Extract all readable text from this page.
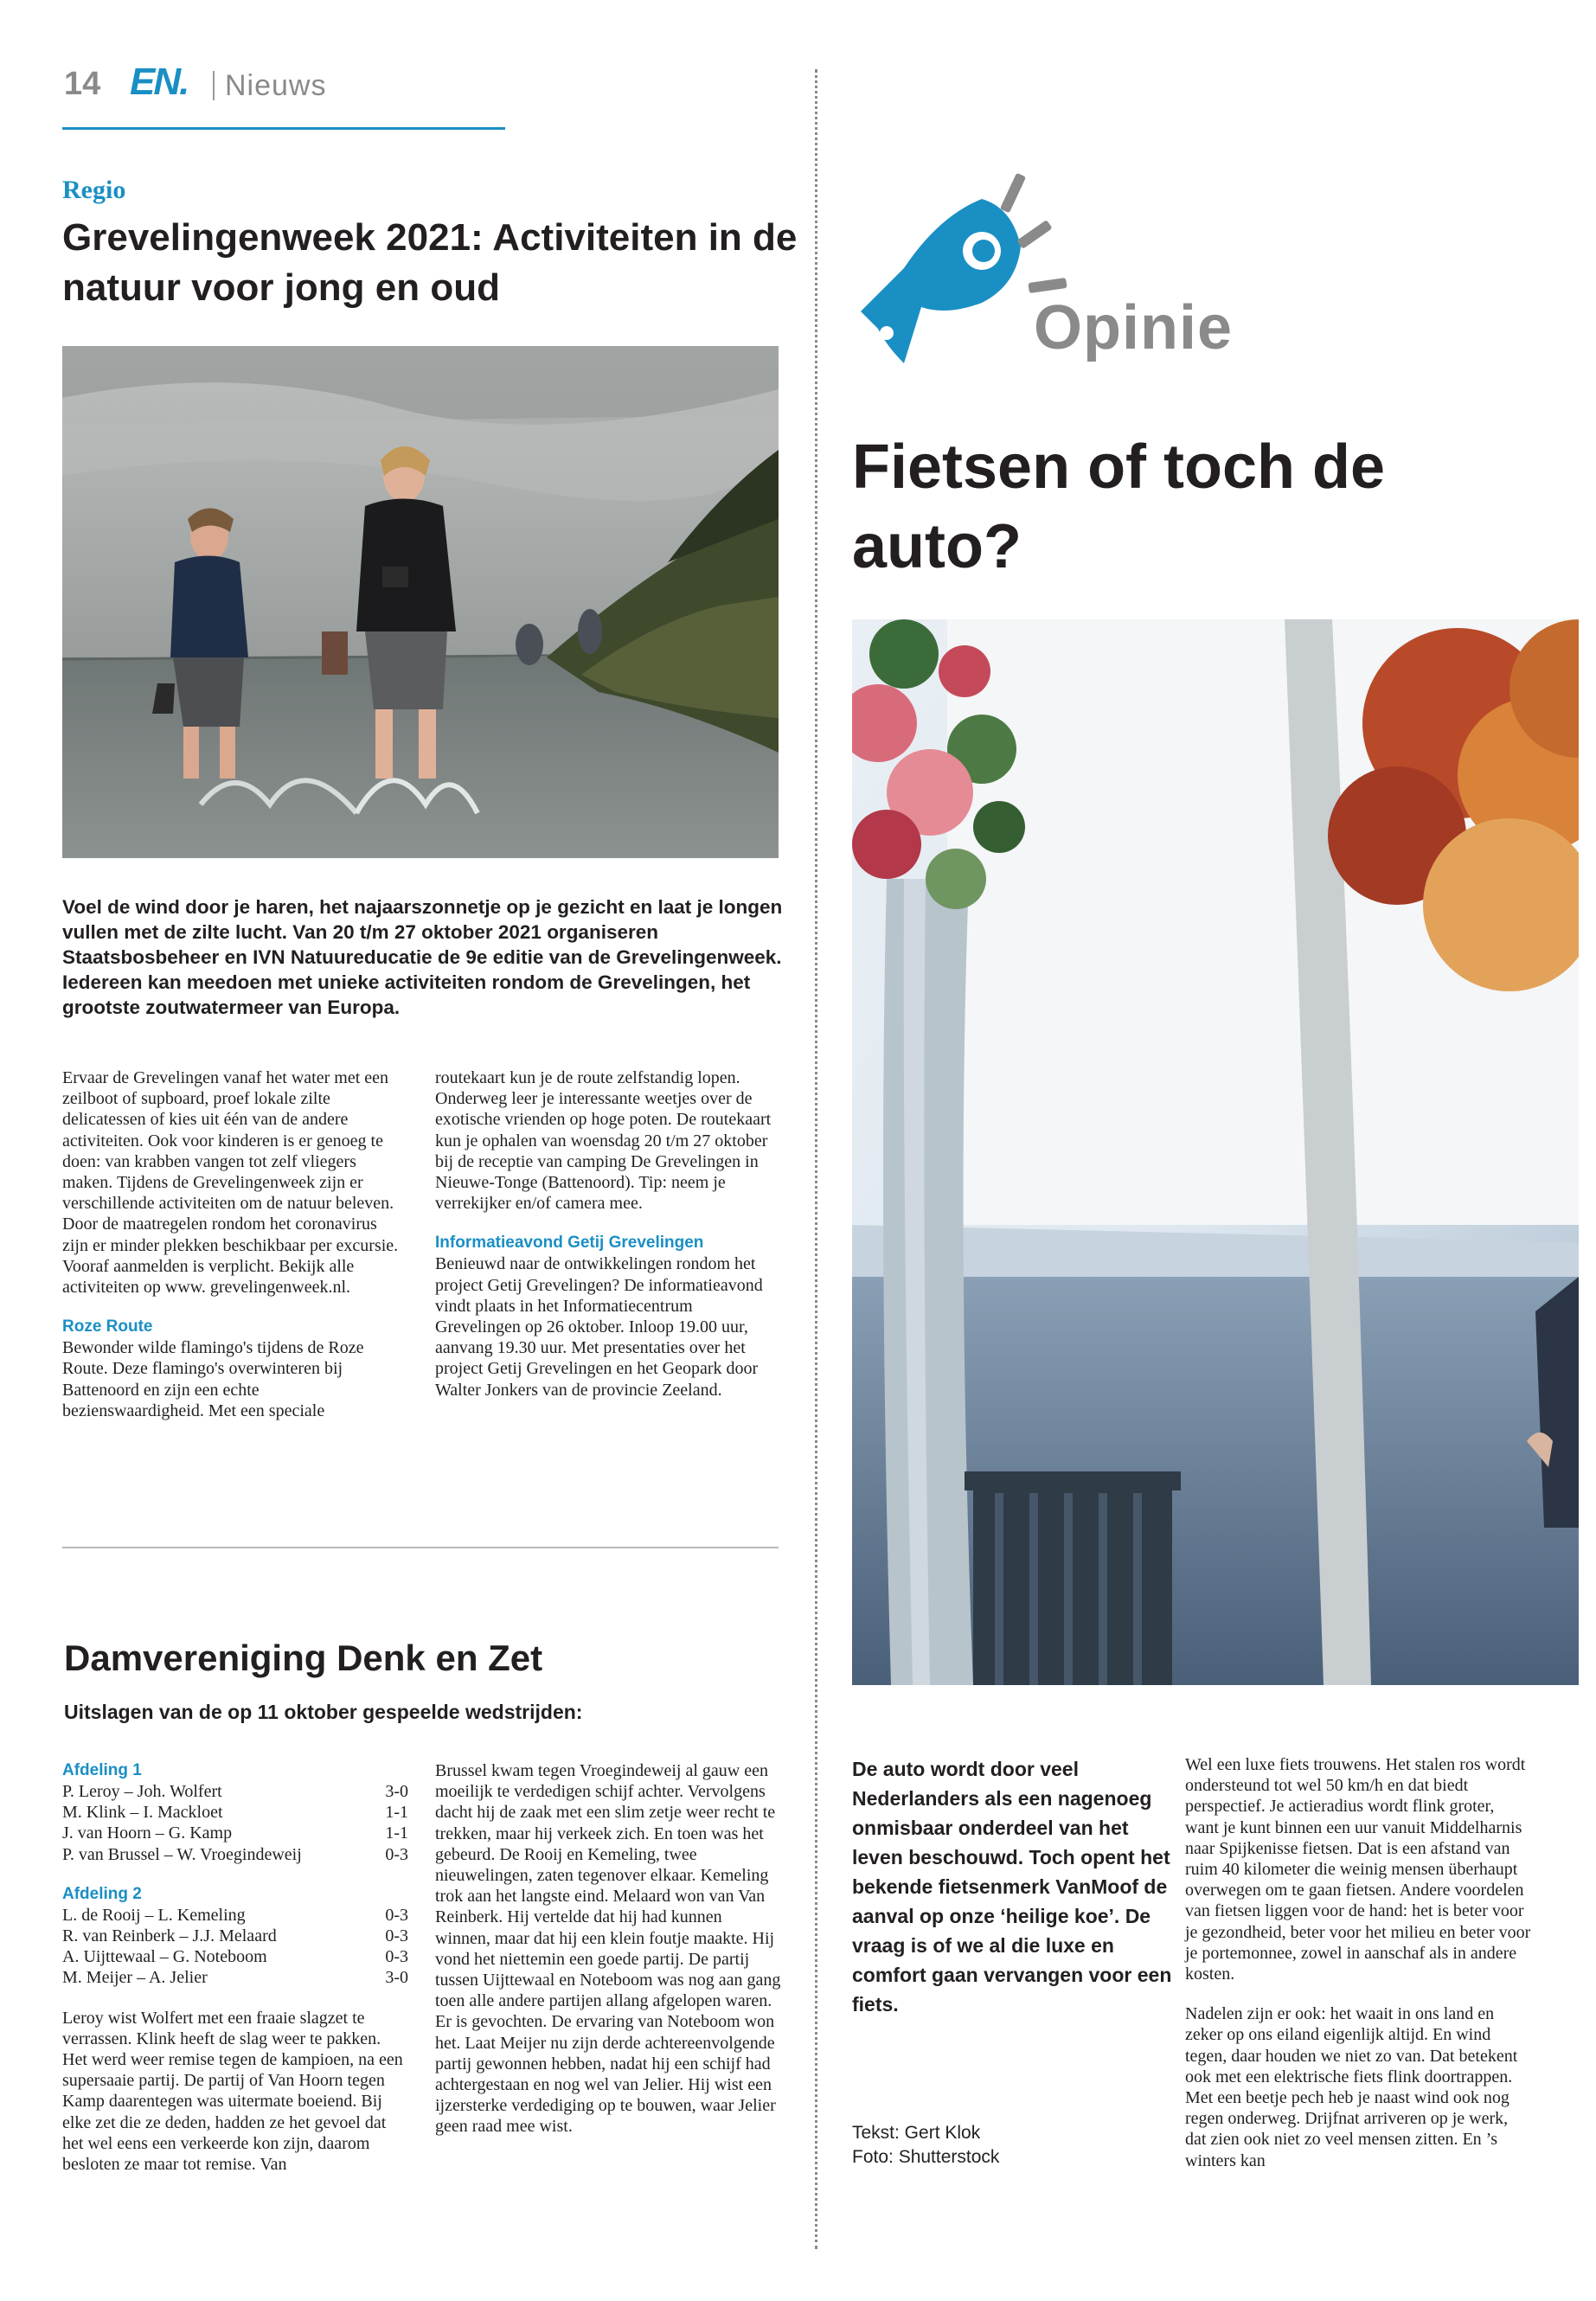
14 EN. Nieuws
Regio
Grevelingenweek 2021: Activiteiten in de natuur voor jong en oud

Voel de wind door je haren, het najaarszonnetje op je gezicht en laat je longen vullen met de zilte lucht. Van 20 t/m 27 oktober 2021 organiseren Staatsbosbeheer en IVN Natuureducatie de 9e editie van de Grevelingenweek. Iedereen kan meedoen met unieke activiteiten rondom de Grevelingen, het grootste zoutwatermeer van Europa.

Ervaar de Grevelingen vanaf het water met een zeilboot of supboard, proef lokale zilte delicatessen of kies uit één van de andere activiteiten. Ook voor kinderen is er genoeg te doen: van krabben vangen tot zelf vliegers maken. Tijdens de Grevelingenweek zijn er verschillende activiteiten om de natuur beleven. Door de maatregelen rondom het coronavirus zijn er minder plekken beschikbaar per excursie. Vooraf aanmelden is verplicht. Bekijk alle activiteiten op www. grevelingenweek.nl.

Roze Route

Bewonder wilde flamingo's tijdens de Roze Route. Deze flamingo's overwinteren bij Battenoord en zijn een echte bezienswaardigheid. Met een speciale

routekaart kun je de route zelfstandig lopen. Onderweg leer je interessante weetjes over de exotische vrienden op hoge poten. De routekaart kun je ophalen van woensdag 20 t/m 27 oktober bij de receptie van camping De Grevelingen in Nieuwe-Tonge (Battenoord). Tip: neem je verrekijker en/of camera mee.

Informatieavond Getij Grevelingen

Benieuwd naar de ontwikkelingen rondom het project Getij Grevelingen? De informatieavond vindt plaats in het Informatiecentrum Grevelingen op 26 oktober. Inloop 19.00 uur, aanvang 19.30 uur. Met presentaties over het project Getij Grevelingen en het Geopark door Walter Jonkers van de provincie Zeeland.

Damvereniging Denk en Zet
Uitslagen van de op 11 oktober gespeelde wedstrijden:
Afdeling 1
P. Leroy – Joh. Wolfert	3-0
M. Klink – I. Mackloet	1-1
J. van Hoorn – G. Kamp	1-1
P. van Brussel – W. Vroegindeweij	0-3
Afdeling 2
L. de Rooij – L. Kemeling	0-3
R. van Reinberk – J.J. Melaard	0-3
A. Uijttewaal – G. Noteboom	0-3
M. Meijer – A. Jelier	3-0

Leroy wist Wolfert met een fraaie slagzet te verrassen. Klink heeft de slag weer te pakken. Het werd weer remise tegen de kampioen, na een supersaaie partij. De partij of Van Hoorn tegen Kamp daarentegen was uitermate boeiend. Bij elke zet die ze deden, hadden ze het gevoel dat het wel eens een verkeerde kon zijn, daarom besloten ze maar tot remise. Van

Brussel kwam tegen Vroegindeweij al gauw een moeilijk te verdedigen schijf achter. Vervolgens dacht hij de zaak met een slim zetje weer recht te trekken, maar hij verkeek zich. En toen was het gebeurd. De Rooij en Kemeling, twee nieuwelingen, zaten tegenover elkaar. Kemeling trok aan het langste eind. Melaard won van Van Reinberk. Hij vertelde dat hij had kunnen winnen, maar dat hij een klein foutje maakte. Hij vond het niettemin een goede partij. De partij tussen Uijttewaal en Noteboom was nog aan gang toen alle andere partijen allang afgelopen waren. Er is gevochten. De ervaring van Noteboom won het. Laat Meijer nu zijn derde achtereenvolgende partij gewonnen hebben, nadat hij een schijf had achtergestaan en nog wel van Jelier. Hij wist een ijzersterke verdediging op te bouwen, waar Jelier geen raad mee wist.

Opinie
Fietsen of toch de auto?

De auto wordt door veel Nederlanders als een nagenoeg onmisbaar onderdeel van het leven beschouwd. Toch opent het bekende fietsenmerk VanMoof de aanval op onze ‘heilige koe’. De vraag is of we al die luxe en comfort gaan vervangen voor een fiets.

Tekst: Gert Klok
Foto: Shutterstock

Wel een luxe fiets trouwens. Het stalen ros wordt ondersteund tot wel 50 km/h en dat biedt perspectief. Je actieradius wordt flink groter, want je kunt binnen een uur vanuit Middelharnis naar Spijkenisse fietsen. Dat is een afstand van ruim 40 kilometer die weinig mensen überhaupt overwegen om te gaan fietsen. Andere voordelen van fietsen liggen voor de hand: het is beter voor je gezondheid, beter voor het milieu en beter voor je portemonnee, zowel in aanschaf als in andere kosten.

Nadelen zijn er ook: het waait in ons land en zeker op ons eiland eigenlijk altijd. En wind tegen, daar houden we niet zo van. Dat betekent ook met een elektrische fiets flink doortrappen. Met een beetje pech heb je naast wind ook nog regen onderweg. Drijfnat arriveren op je werk, dat zien ook niet zo veel mensen zitten. En ’s winters kan
